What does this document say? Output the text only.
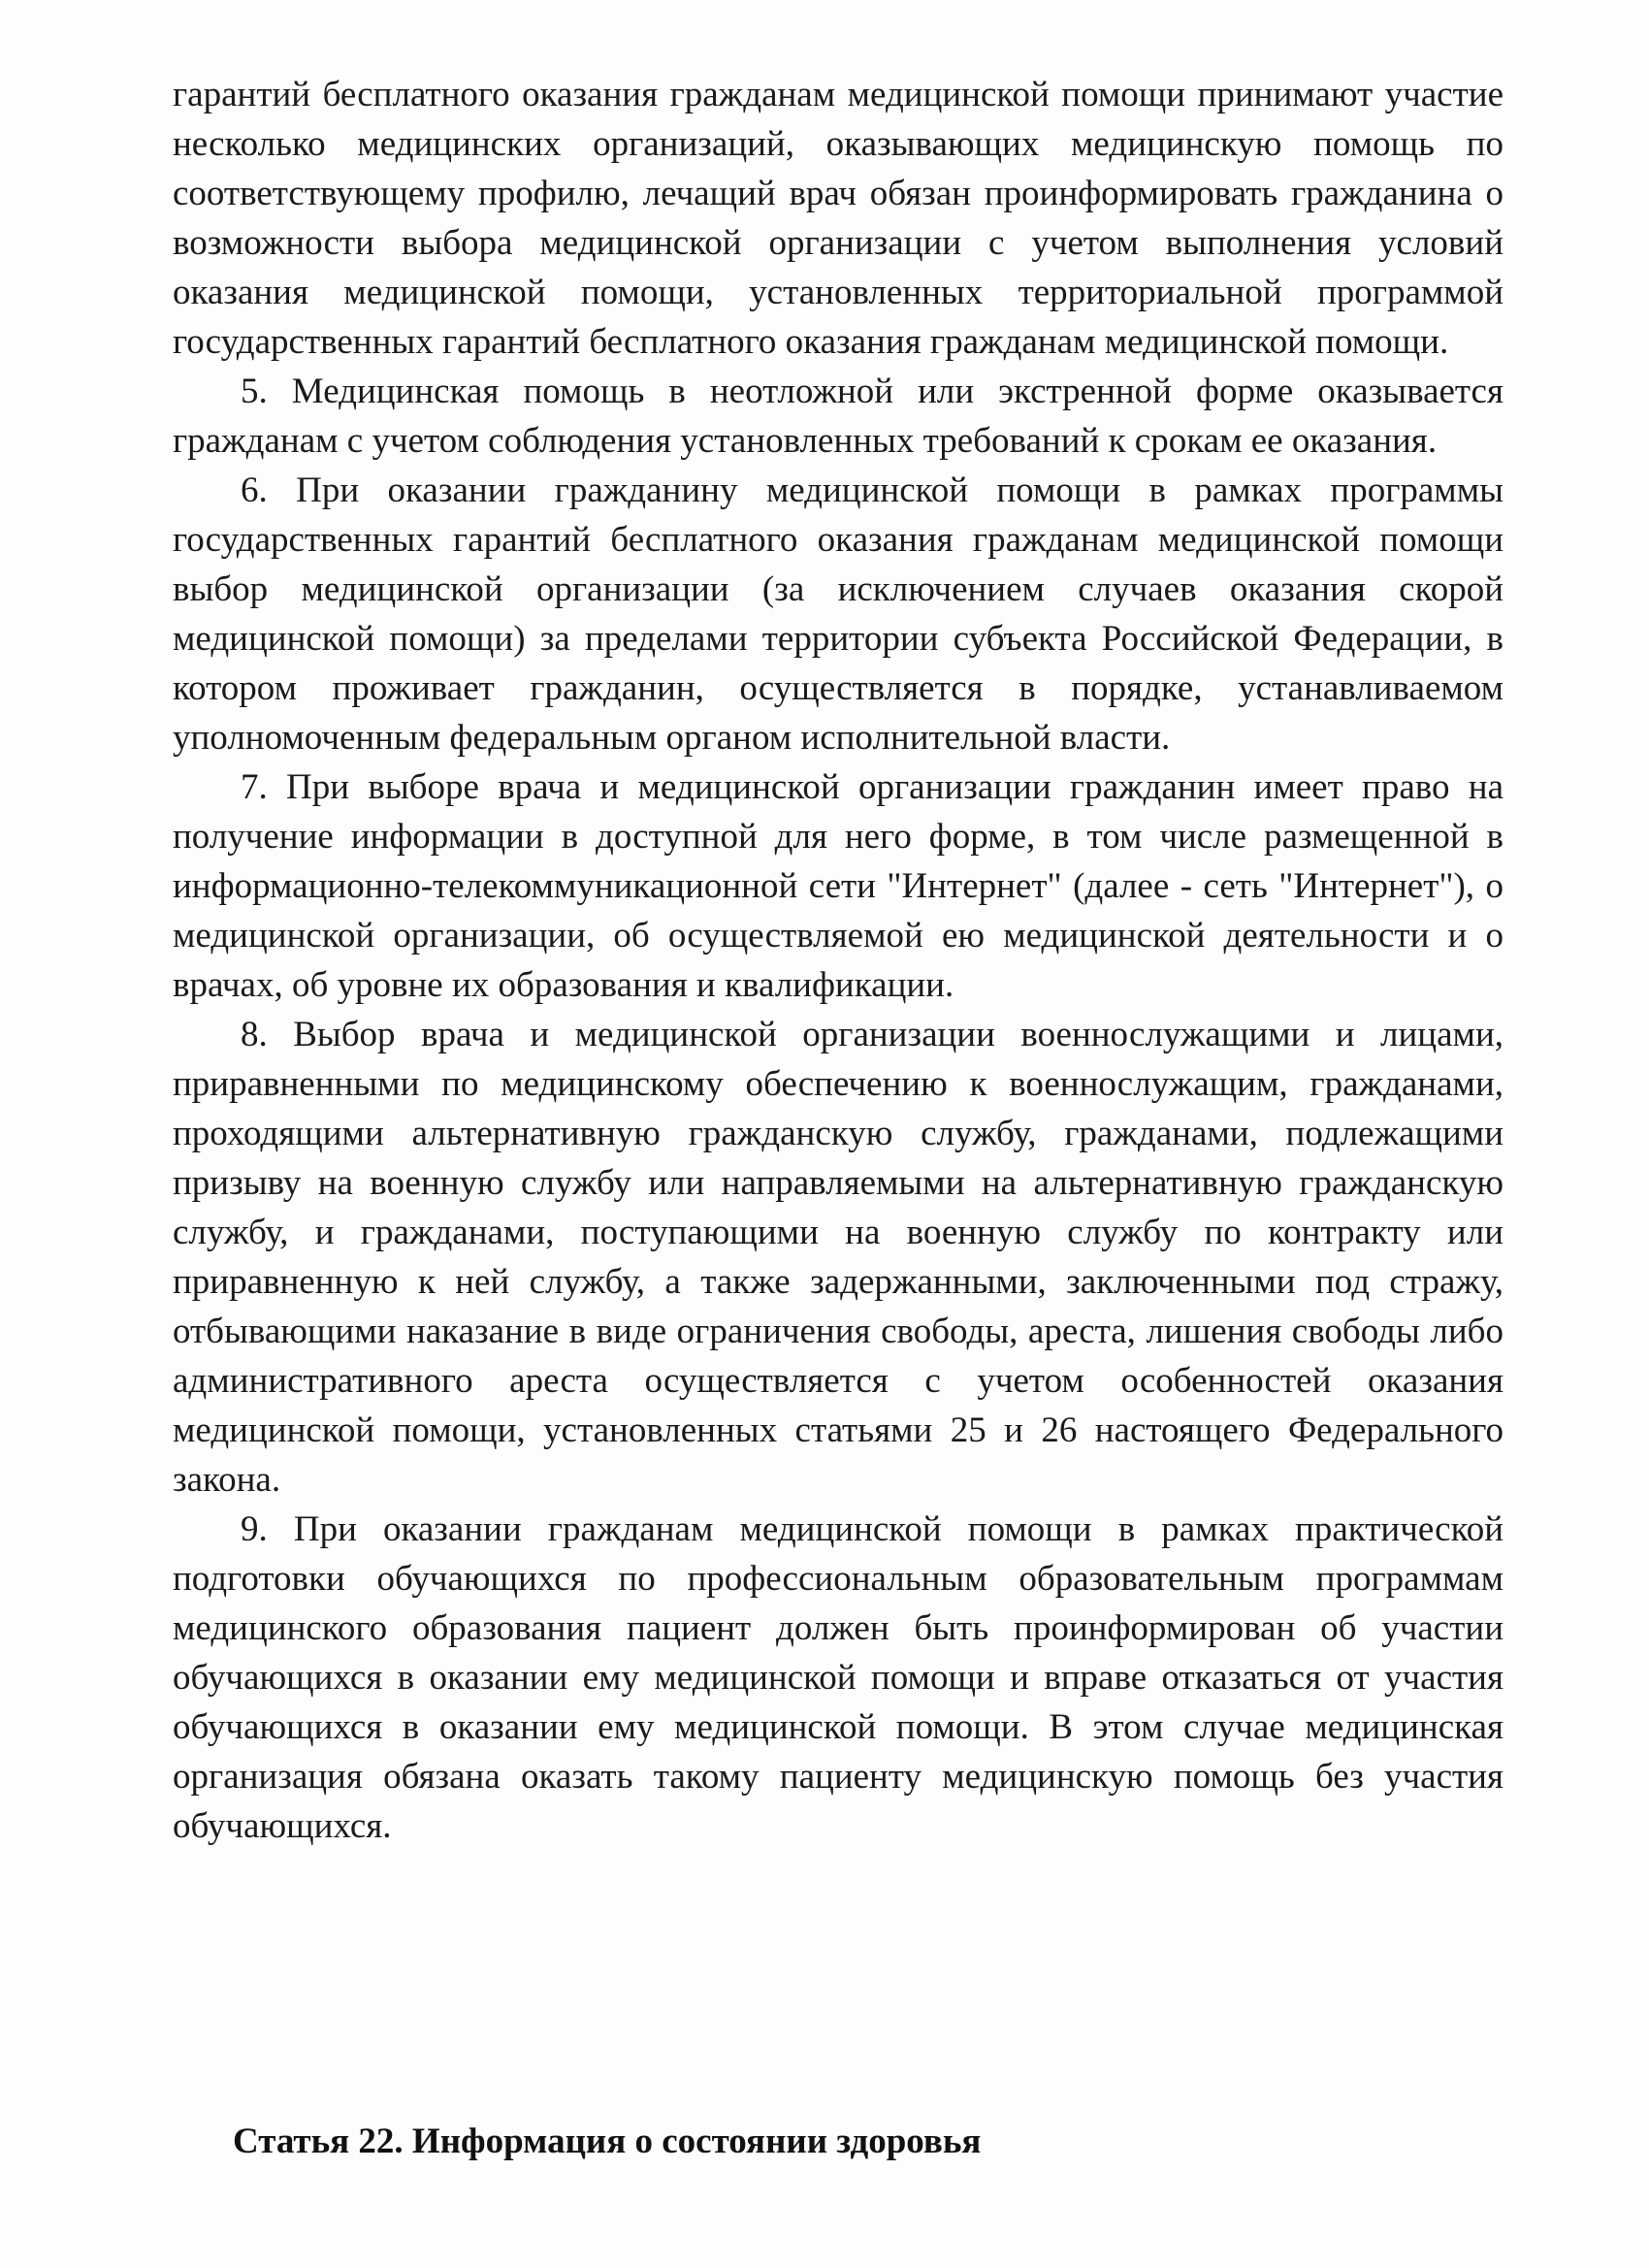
гарантий бесплатного оказания гражданам медицинской помощи принимают участие несколько медицинских организаций, оказывающих медицинскую помощь по соответствующему профилю, лечащий врач обязан проинформировать гражданина о возможности выбора медицинской организации с учетом выполнения условий оказания медицинской помощи, установленных территориальной программой государственных гарантий бесплатного оказания гражданам медицинской помощи.

5. Медицинская помощь в неотложной или экстренной форме оказывается гражданам с учетом соблюдения установленных требований к срокам ее оказания.

6. При оказании гражданину медицинской помощи в рамках программы государственных гарантий бесплатного оказания гражданам медицинской помощи выбор медицинской организации (за исключением случаев оказания скорой медицинской помощи) за пределами территории субъекта Российской Федерации, в котором проживает гражданин, осуществляется в порядке, устанавливаемом уполномоченным федеральным органом исполнительной власти.

7. При выборе врача и медицинской организации гражданин имеет право на получение информации в доступной для него форме, в том числе размещенной в информационно-телекоммуникационной сети "Интернет" (далее - сеть "Интернет"), о медицинской организации, об осуществляемой ею медицинской деятельности и о врачах, об уровне их образования и квалификации.

8. Выбор врача и медицинской организации военнослужащими и лицами, приравненными по медицинскому обеспечению к военнослужащим, гражданами, проходящими альтернативную гражданскую службу, гражданами, подлежащими призыву на военную службу или направляемыми на альтернативную гражданскую службу, и гражданами, поступающими на военную службу по контракту или приравненную к ней службу, а также задержанными, заключенными под стражу, отбывающими наказание в виде ограничения свободы, ареста, лишения свободы либо административного ареста осуществляется с учетом особенностей оказания медицинской помощи, установленных статьями 25 и 26 настоящего Федерального закона.

9. При оказании гражданам медицинской помощи в рамках практической подготовки обучающихся по профессиональным образовательным программам медицинского образования пациент должен быть проинформирован об участии обучающихся в оказании ему медицинской помощи и вправе отказаться от участия обучающихся в оказании ему медицинской помощи. В этом случае медицинская организация обязана оказать такому пациенту медицинскую помощь без участия обучающихся.

Статья 22. Информация о состоянии здоровья
